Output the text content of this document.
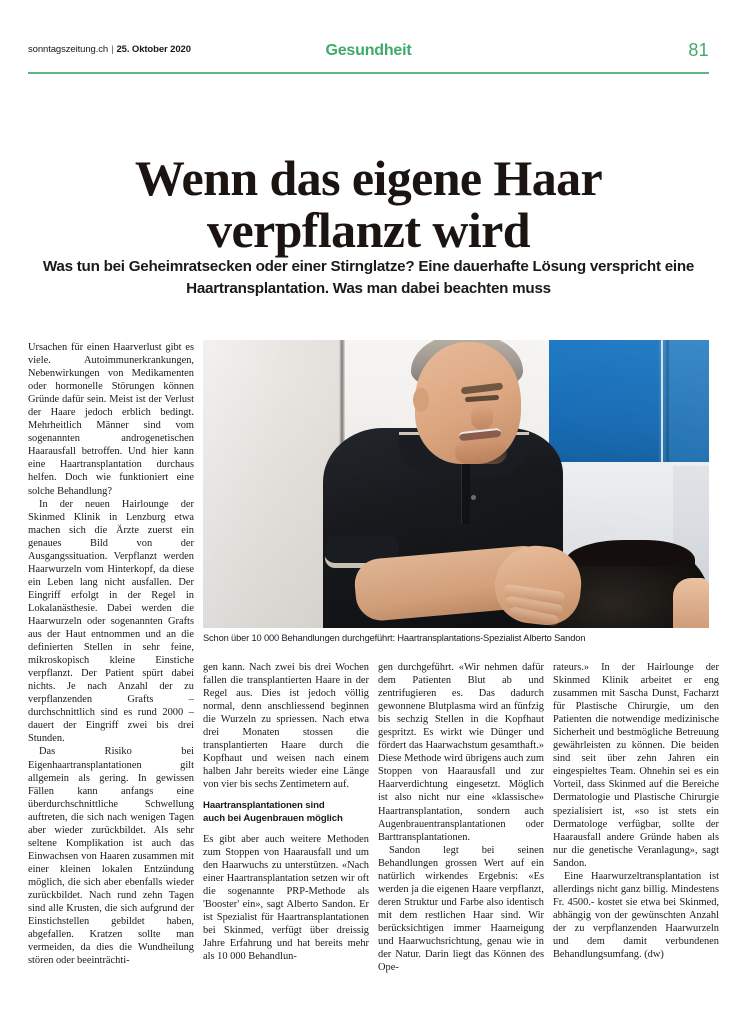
sonntagszeitung.ch | 25. Oktober 2020	Gesundheit	81
Wenn das eigene Haar
verpflanzt wird
Was tun bei Geheimratsecken oder einer Stirnglatze? Eine dauerhafte Lösung verspricht eine Haartransplantation. Was man dabei beachten muss
Schon über 10 000 Behandlungen durchgeführt: Haartransplantations-Spezialist Alberto Sandon

Ursachen für einen Haarverlust gibt es viele. Autoimmunerkrankungen, Nebenwirkungen von Medikamenten oder hormonelle Störungen können Gründe dafür sein. Meist ist der Verlust der Haare jedoch erblich bedingt. Mehrheitlich Männer sind vom sogenannten androgenetischen Haarausfall betroffen. Und hier kann eine Haartransplantation durchaus helfen. Doch wie funktioniert eine solche Behandlung?

In der neuen Hairlounge der Skinmed Klinik in Lenzburg etwa machen sich die Ärzte zuerst ein genaues Bild von der Ausgangssituation. Verpflanzt werden Haarwurzeln vom Hinterkopf, da diese ein Leben lang nicht ausfallen. Der Eingriff erfolgt in der Regel in Lokalanästhesie. Dabei werden die Haarwurzeln oder sogenannten Grafts aus der Haut entnommen und an die definierten Stellen in sehr feine, mikroskopisch kleine Einstiche verpflanzt. Der Patient spürt dabei nichts. Je nach Anzahl der zu verpflanzenden Grafts – durchschnittlich sind es rund 2000 – dauert der Eingriff zwei bis drei Stunden.

Das Risiko bei Eigenhaartransplantationen gilt allgemein als gering. In gewissen Fällen kann anfangs eine überdurchschnittliche Schwellung auftreten, die sich nach wenigen Tagen aber wieder zurückbildet. Als sehr seltene Komplikation ist auch das Einwachsen von Haaren zusammen mit einer kleinen lokalen Entzündung möglich, die sich aber ebenfalls wieder zurückbildet. Nach rund zehn Tagen sind alle Krusten, die sich aufgrund der Einstichstellen gebildet haben, abgefallen. Kratzen sollte man vermeiden, da dies die Wundheilung stören oder beeinträchti-

gen kann. Nach zwei bis drei Wochen fallen die transplantierten Haare in der Regel aus. Dies ist jedoch völlig normal, denn anschliessend beginnen die Wurzeln zu spriessen. Nach etwa drei Monaten stossen die transplantierten Haare durch die Kopfhaut und weisen nach einem halben Jahr bereits wieder eine Länge von vier bis sechs Zentimetern auf.

Haartransplantationen sind
auch bei Augenbrauen möglich

Es gibt aber auch weitere Methoden zum Stoppen von Haarausfall und um den Haarwuchs zu unterstützen. «Nach einer Haartransplantation setzen wir oft die sogenannte PRP-Methode als 'Booster' ein», sagt Alberto Sandon. Er ist Spezialist für Haartransplantationen bei Skinmed, verfügt über dreissig Jahre Erfahrung und hat bereits mehr als 10 000 Behandlun-

gen durchgeführt. «Wir nehmen dafür dem Patienten Blut ab und zentrifugieren es. Das dadurch gewonnene Blutplasma wird an fünfzig bis sechzig Stellen in die Kopfhaut gespritzt. Es wirkt wie Dünger und fördert das Haarwachstum gesamthaft.» Diese Methode wird übrigens auch zum Stoppen von Haarausfall und zur Haarverdichtung eingesetzt. Möglich ist also nicht nur eine «klassische» Haartransplantation, sondern auch Augenbrauentransplantationen oder Barttransplantationen.

Sandon legt bei seinen Behandlungen grossen Wert auf ein natürlich wirkendes Ergebnis: «Es werden ja die eigenen Haare verpflanzt, deren Struktur und Farbe also identisch mit dem restlichen Haar sind. Wir berücksichtigen immer Haarneigung und Haarwuchsrichtung, genau wie in der Natur. Darin liegt das Können des Ope-

rateurs.» In der Hairlounge der Skinmed Klinik arbeitet er eng zusammen mit Sascha Dunst, Facharzt für Plastische Chirurgie, um den Patienten die notwendige medizinische Sicherheit und bestmögliche Betreuung gewährleisten zu können. Die beiden sind seit über zehn Jahren ein eingespieltes Team. Ohnehin sei es ein Vorteil, dass Skinmed auf die Bereiche Dermatologie und Plastische Chirurgie spezialisiert ist, «so ist stets ein Dermatologe verfügbar, sollte der Haarausfall andere Gründe haben als nur die genetische Veranlagung», sagt Sandon.

Eine Haarwurzeltransplantation ist allerdings nicht ganz billig. Mindestens Fr. 4500.- kostet sie etwa bei Skinmed, abhängig von der gewünschten Anzahl der zu verpflanzenden Haarwurzeln und dem damit verbundenen Behandlungsumfang. (dw)
